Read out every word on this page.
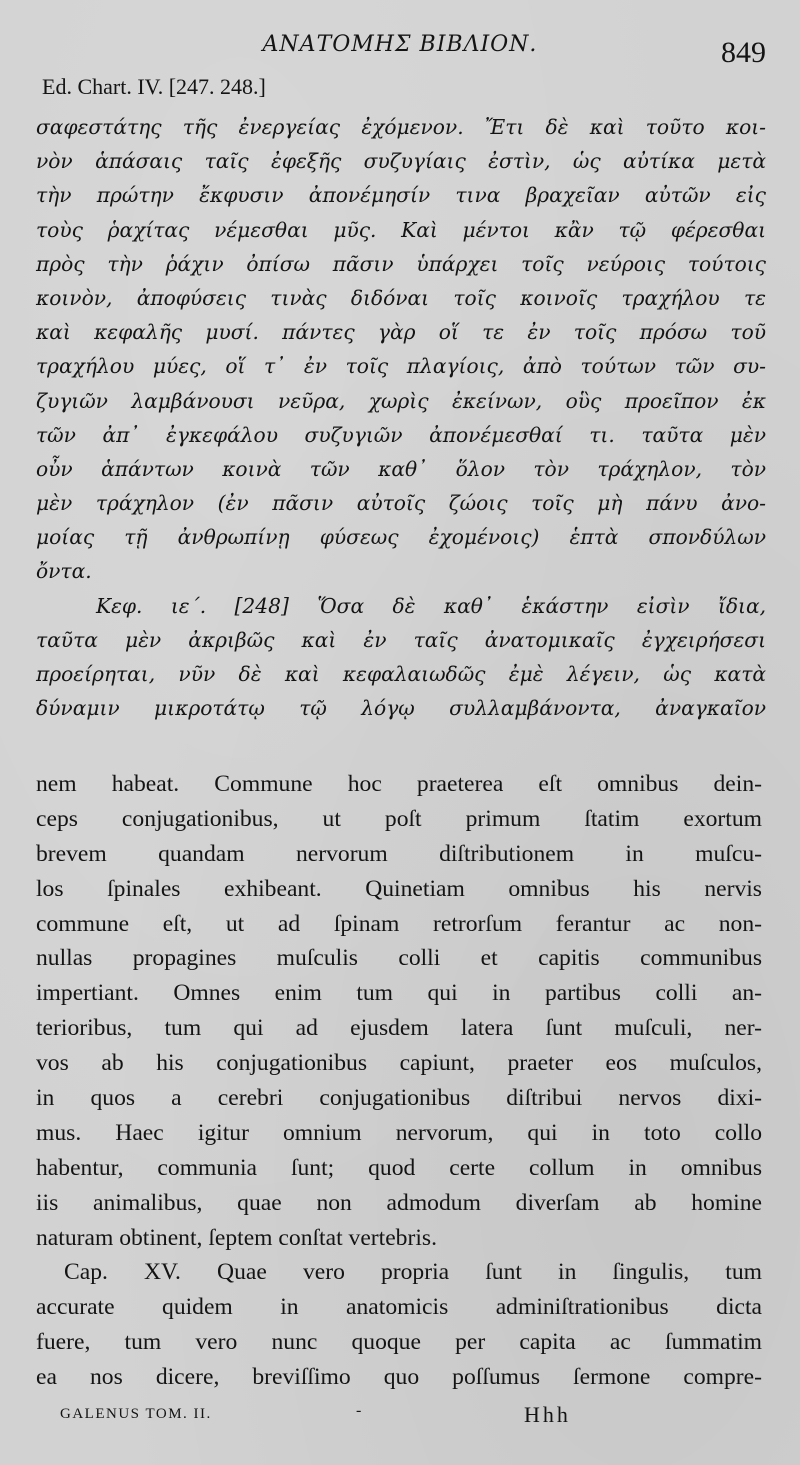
ΑΝΑΤΟΜΗΣ ΒΙΒΛΙΟΝ.	849
Ed. Chart. IV. [247. 248.]
σαφεστάτης τῆς ἐνεργείας ἐχόμενον. Ἔτι δὲ καὶ τοῦτο κοι-
νὸν ἁπάσαις ταῖς ἐφεξῆς συζυγίαις ἐστὶν, ὡς αὐτίκα μετὰ
τὴν πρώτην ἔκφυσιν ἀπονέμησίν τινα βραχεῖαν αὐτῶν εἰς
τοὺς ῥαχίτας νέμεσθαι μῦς. Καὶ μέντοι κἂν τῷ φέρεσθαι
πρὸς τὴν ῥάχιν ὀπίσω πᾶσιν ὑπάρχει τοῖς νεύροις τούτοις
κοινὸν, ἀποφύσεις τινὰς διδόναι τοῖς κοινοῖς τραχήλου τε
καὶ κεφαλῆς μυσί. πάντες γὰρ οἵ τε ἐν τοῖς πρόσω τοῦ
τραχήλου μύες, οἵ τ᾽ ἐν τοῖς πλαγίοις, ἀπὸ τούτων τῶν συ-
ζυγιῶν λαμβάνουσι νεῦρα, χωρὶς ἐκείνων, οὓς προεῖπον ἐκ
τῶν ἀπ᾽ ἐγκεφάλου συζυγιῶν ἀπονέμεσθαί τι. ταῦτα μὲν
οὖν ἁπάντων κοινὰ τῶν καθ᾽ ὅλον τὸν τράχηλον, τὸν
μὲν τράχηλον (ἐν πᾶσιν αὐτοῖς ζώοις τοῖς μὴ πάνυ ἀνο-
μοίας τῇ ἀνθρωπίνῃ φύσεως ἐχομένοις) ἑπτὰ σπονδύλων
ὄντα.
Κεφ. ιε΄. [248] Ὅσα δὲ καθ᾽ ἑκάστην εἰσὶν ἴδια,
ταῦτα μὲν ἀκριβῶς καὶ ἐν ταῖς ἀνατομικαῖς ἐγχειρήσεσι
προείρηται, νῦν δὲ καὶ κεφαλαιωδῶς ἐμὲ λέγειν, ὡς κατὰ
δύναμιν μικροτάτῳ τῷ λόγῳ συλλαμβάνοντα, ἀναγκαῖον
nem habeat. Commune hoc praeterea eſt omnibus dein-
ceps conjugationibus, ut poſt primum ſtatim exortum
brevem quandam nervorum diſtributionem in muſcu-
los ſpinales exhibeant. Quinetiam omnibus his nervis
commune eſt, ut ad ſpinam retrorſum ferantur ac non-
nullas propagines muſculis colli et capitis communibus
impertiant. Omnes enim tum qui in partibus colli an-
terioribus, tum qui ad ejusdem latera ſunt muſculi, ner-
vos ab his conjugationibus capiunt, praeter eos muſculos,
in quos a cerebri conjugationibus diſtribui nervos dixi-
mus. Haec igitur omnium nervorum, qui in toto collo
habentur, communia ſunt; quod certe collum in omnibus
iis animalibus, quae non admodum diverſam ab homine
naturam obtinent, ſeptem conſtat vertebris.
Cap. XV. Quae vero propria ſunt in ſingulis, tum
accurate quidem in anatomicis adminiſtrationibus dicta
fuere, tum vero nunc quoque per capita ac ſummatim
ea nos dicere, breviſſimo quo poſſumus ſermone compre-
GALENUS TOM. II.	-	Hhh
